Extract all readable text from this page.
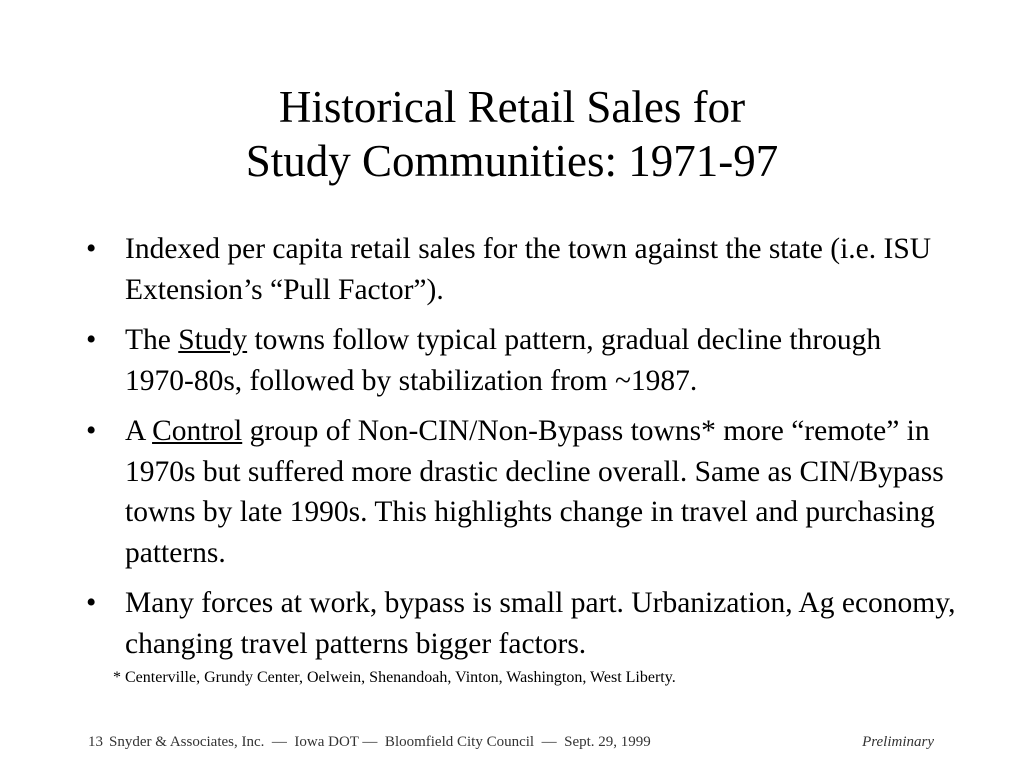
Historical Retail Sales for
Study Communities: 1971-97
• Indexed per capita retail sales for the town against the state (i.e. ISU Extension’s “Pull Factor”).
• The Study towns follow typical pattern, gradual decline through 1970-80s, followed by stabilization from ~1987.
• A Control group of Non-CIN/Non-Bypass towns* more “remote” in 1970s but suffered more drastic decline overall. Same as CIN/Bypass towns by late 1990s. This highlights change in travel and purchasing patterns.
• Many forces at work, bypass is small part. Urbanization, Ag economy, changing travel patterns bigger factors.
* Centerville, Grundy Center, Oelwein, Shenandoah, Vinton, Washington, West Liberty.
13 Snyder & Associates, Inc.  —  Iowa DOT —  Bloomfield City Council  —  Sept. 29, 1999	Preliminary
